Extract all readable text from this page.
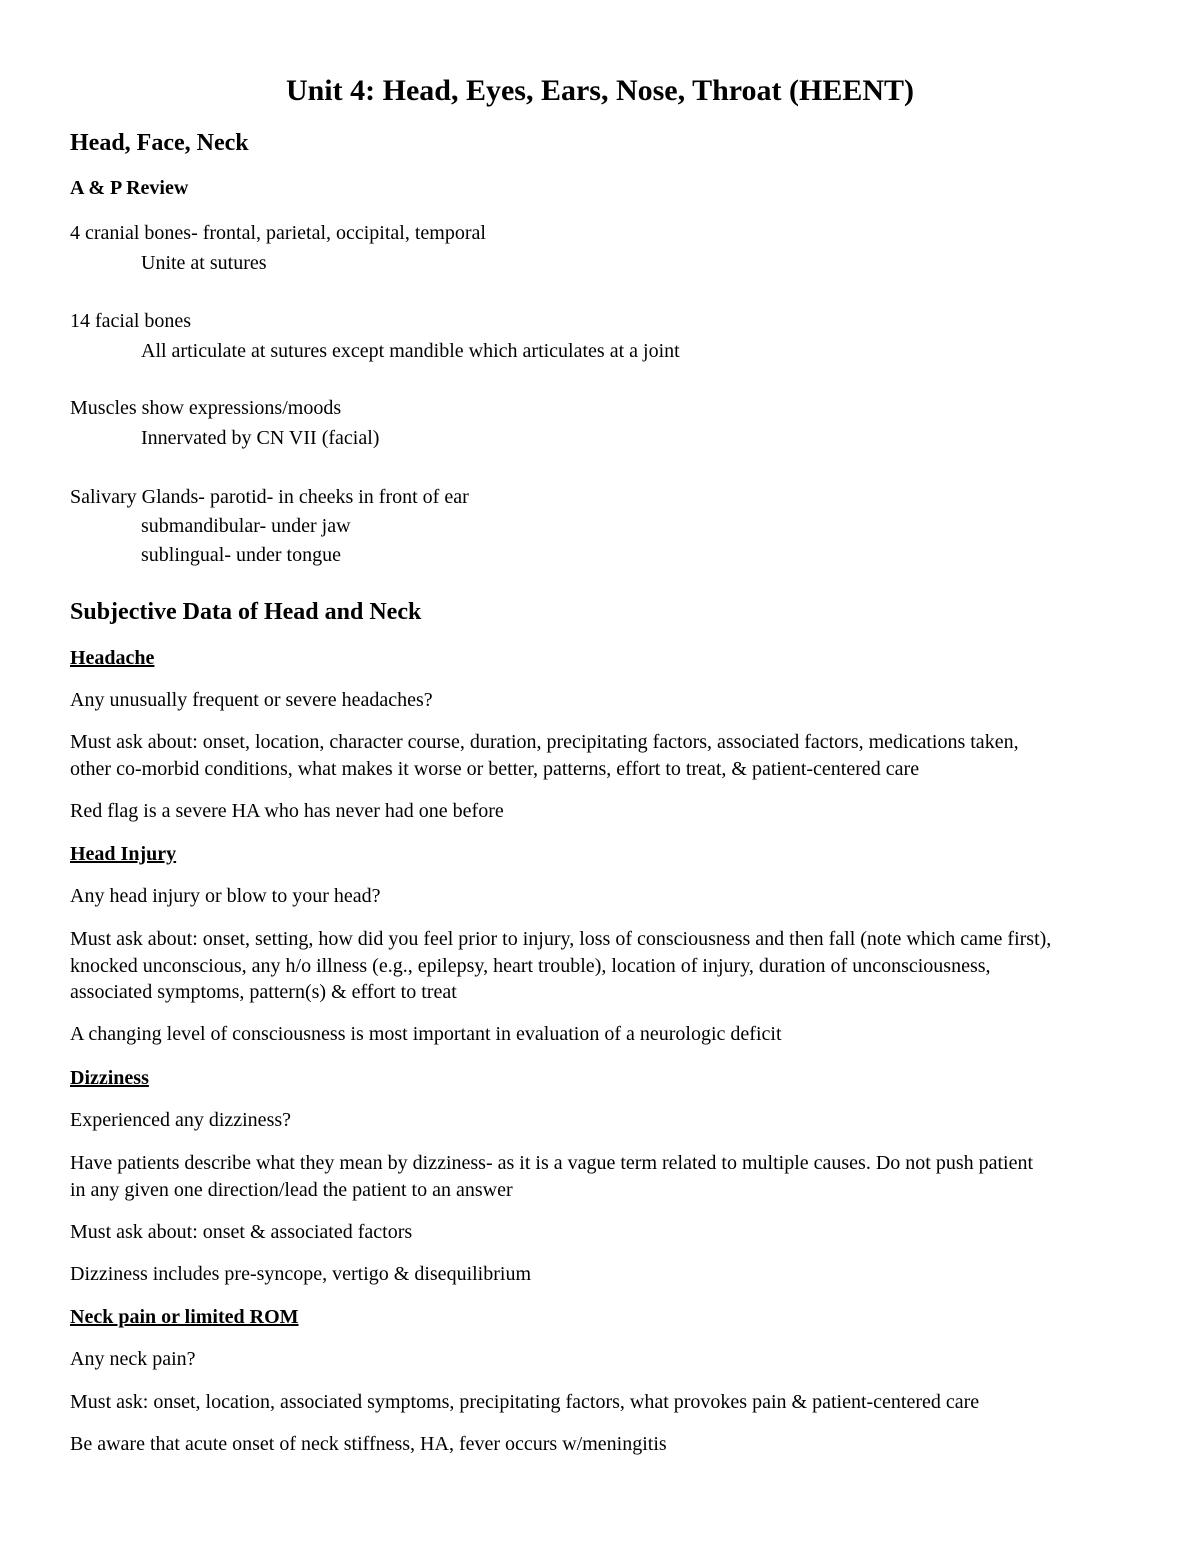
Unit 4: Head, Eyes, Ears, Nose, Throat (HEENT)
Head, Face, Neck
A & P Review

4 cranial bones- frontal, parietal, occipital, temporal

Unite at sutures

14 facial bones

All articulate at sutures except mandible which articulates at a joint

Muscles show expressions/moods

Innervated by CN VII (facial)

Salivary Glands- parotid- in cheeks in front of ear

submandibular- under jaw

sublingual- under tongue

Subjective Data of Head and Neck
Headache

Any unusually frequent or severe headaches?

Must ask about: onset, location, character course, duration, precipitating factors, associated factors, medications taken,

other co-morbid conditions, what makes it worse or better, patterns, effort to treat, & patient-centered care

Red flag is a severe HA who has never had one before

Head Injury

Any head injury or blow to your head?

Must ask about: onset, setting, how did you feel prior to injury, loss of consciousness and then fall (note which came first),

knocked unconscious, any h/o illness (e.g., epilepsy, heart trouble), location of injury, duration of unconsciousness,

associated symptoms, pattern(s) & effort to treat

A changing level of consciousness is most important in evaluation of a neurologic deficit

Dizziness

Experienced any dizziness?

Have patients describe what they mean by dizziness- as it is a vague term related to multiple causes. Do not push patient

in any given one direction/lead the patient to an answer

Must ask about: onset & associated factors

Dizziness includes pre-syncope, vertigo & disequilibrium

Neck pain or limited ROM

Any neck pain?

Must ask: onset, location, associated symptoms, precipitating factors, what provokes pain & patient-centered care

Be aware that acute onset of neck stiffness, HA, fever occurs w/meningitis
